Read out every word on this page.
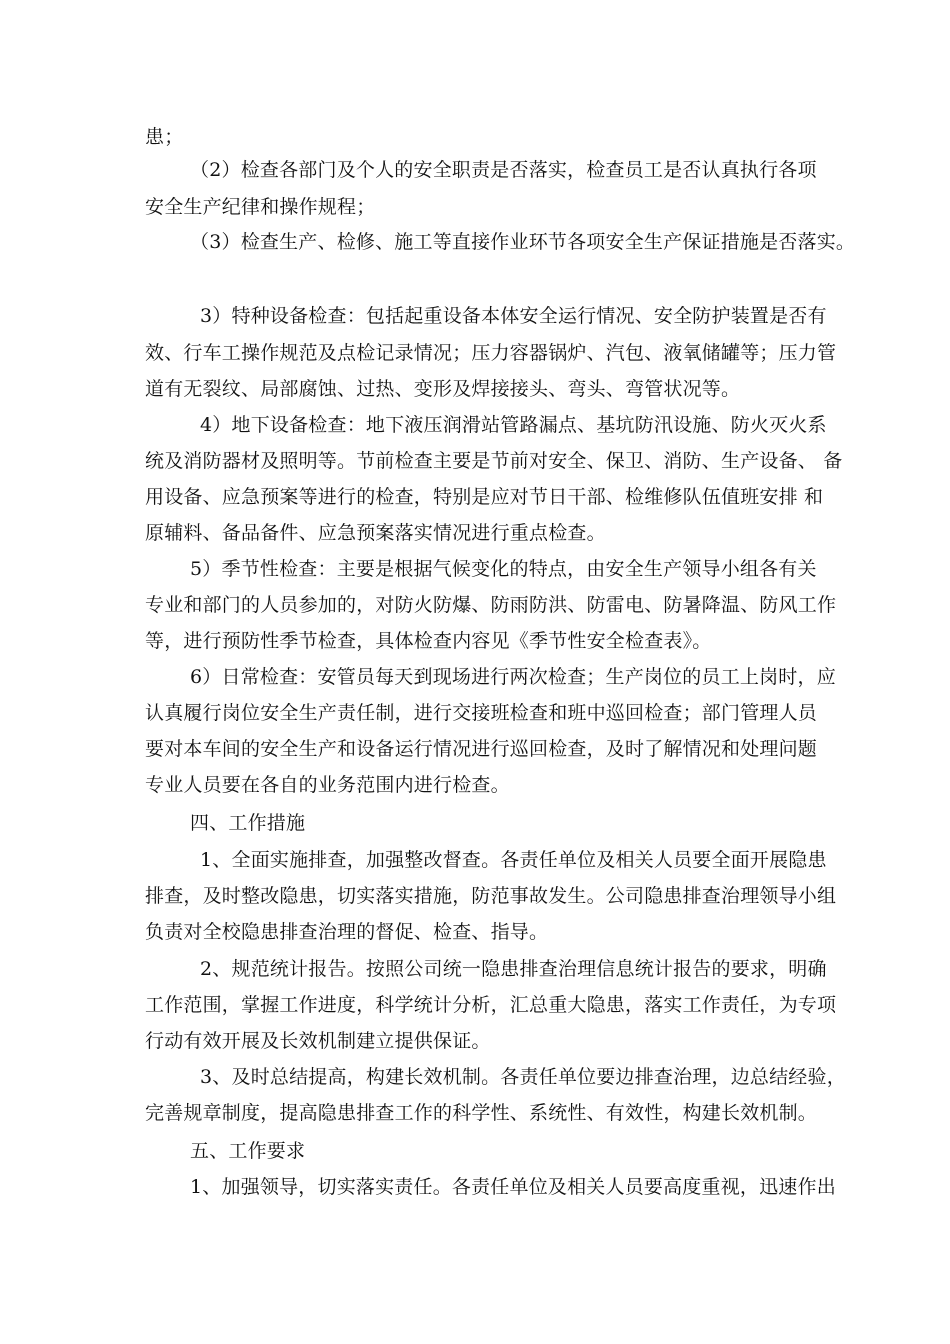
患；
（2）检查各部门及个人的安全职责是否落实，检查员工是否认真执行各项
安全生产纪律和操作规程；
（3）检查生产、检修、施工等直接作业环节各项安全生产保证措施是否落实。
3）特种设备检查：包括起重设备本体安全运行情况、安全防护装置是否有
效、行车工操作规范及点检记录情况；压力容器锅炉、汽包、液氧储罐等；压力管
道有无裂纹、局部腐蚀、过热、变形及焊接接头、弯头、弯管状况等。
4）地下设备检查：地下液压润滑站管路漏点、基坑防汛设施、防火灭火系
统及消防器材及照明等。节前检查主要是节前对安全、保卫、消防、生产设备、 备
用设备、应急预案等进行的检查，特别是应对节日干部、检维修队伍值班安排 和
原辅料、备品备件、应急预案落实情况进行重点检查。
5）季节性检查：主要是根据气候变化的特点，由安全生产领导小组各有关
专业和部门的人员参加的，对防火防爆、防雨防洪、防雷电、防暑降温、防风工作
等，进行预防性季节检查，具体检查内容见《季节性安全检查表》。
6）日常检查：安管员每天到现场进行两次检查；生产岗位的员工上岗时，应
认真履行岗位安全生产责任制，进行交接班检查和班中巡回检查；部门管理人员
要对本车间的安全生产和设备运行情况进行巡回检查，及时了解情况和处理问题
专业人员要在各自的业务范围内进行检查。
四、工作措施
1、全面实施排查，加强整改督查。各责任单位及相关人员要全面开展隐患
排查，及时整改隐患，切实落实措施，防范事故发生。公司隐患排查治理领导小组
负责对全校隐患排查治理的督促、检查、指导。
2、规范统计报告。按照公司统一隐患排查治理信息统计报告的要求，明确
工作范围，掌握工作进度，科学统计分析，汇总重大隐患，落实工作责任，为专项
行动有效开展及长效机制建立提供保证。
3、及时总结提高，构建长效机制。各责任单位要边排查治理，边总结经验，
完善规章制度，提高隐患排查工作的科学性、系统性、有效性，构建长效机制。
五、工作要求
1、加强领导，切实落实责任。各责任单位及相关人员要高度重视，迅速作出
